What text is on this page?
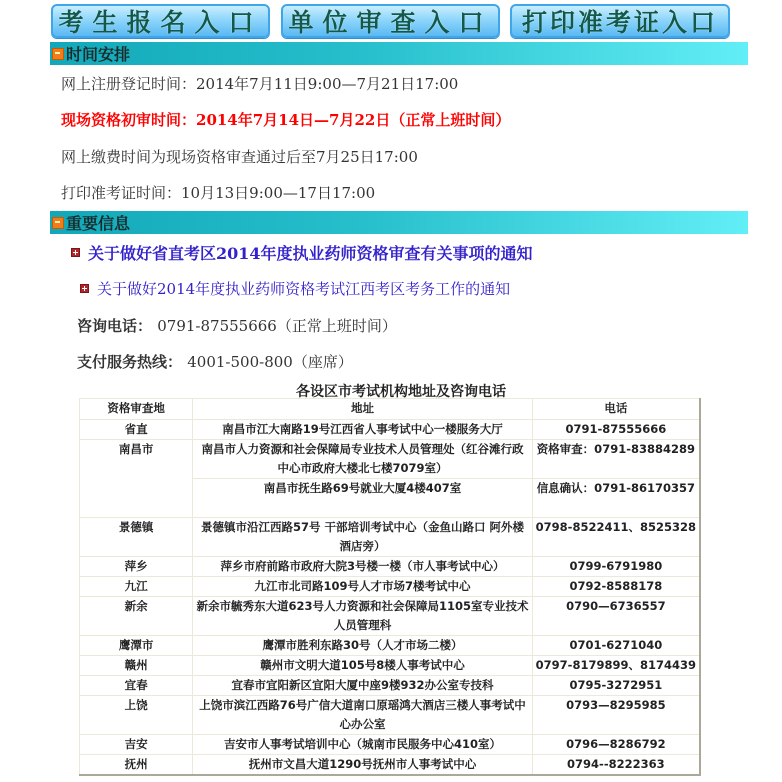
考生报名入口 单位审查入口 打印准考证入口
时间安排
网上注册登记时间：2014年7月11日9:00—7月21日17:00
现场资格初审时间：2014年7月14日—7月22日（正常上班时间）
网上缴费时间为现场资格审查通过后至7月25日17:00
打印准考证时间：10月13日9:00—17日17:00
重要信息
关于做好省直考区2014年度执业药师资格审查有关事项的通知
关于做好2014年度执业药师资格考试江西考区考务工作的通知
咨询电话： 0791-87555666（正常上班时间）
支付服务热线： 4001-500-800（座席）
各设区市考试机构地址及咨询电话
资格审查地	地址	电话
省直	南昌市江大南路19号江西省人事考试中心一楼服务大厅	0791-87555666
南昌市	南昌市人力资源和社会保障局专业技术人员管理处（红谷滩行政中心市政府大楼北七楼7079室）	资格审查：0791-83884289
	南昌市抚生路69号就业大厦4楼407室	信息确认：0791-86170357
景德镇	景德镇市沿江西路57号 干部培训考试中心（金鱼山路口 阿外楼酒店旁）	0798-8522411、8525328
萍乡	萍乡市府前路市政府大院3号楼一楼（市人事考试中心）	0799-6791980
九江	九江市北司路109号人才市场7楼考试中心	0792-8588178
新余	新余市毓秀东大道623号人力资源和社会保障局1105室专业技术人员管理科	0790—6736557
鹰潭市	鹰潭市胜利东路30号（人才市场二楼）	0701-6271040
赣州	赣州市文明大道105号8楼人事考试中心	0797-8179899、8174439
宜春	宜春市宜阳新区宜阳大厦中座9楼932办公室专技科	0795-3272951
上饶	上饶市滨江西路76号广信大道南口原瑶鸿大酒店三楼人事考试中心办公室	0793—8295985
吉安	吉安市人事考试培训中心（城南市民服务中心410室）	0796—8286792
抚州	抚州市文昌大道1290号抚州市人事考试中心	0794--8222363
